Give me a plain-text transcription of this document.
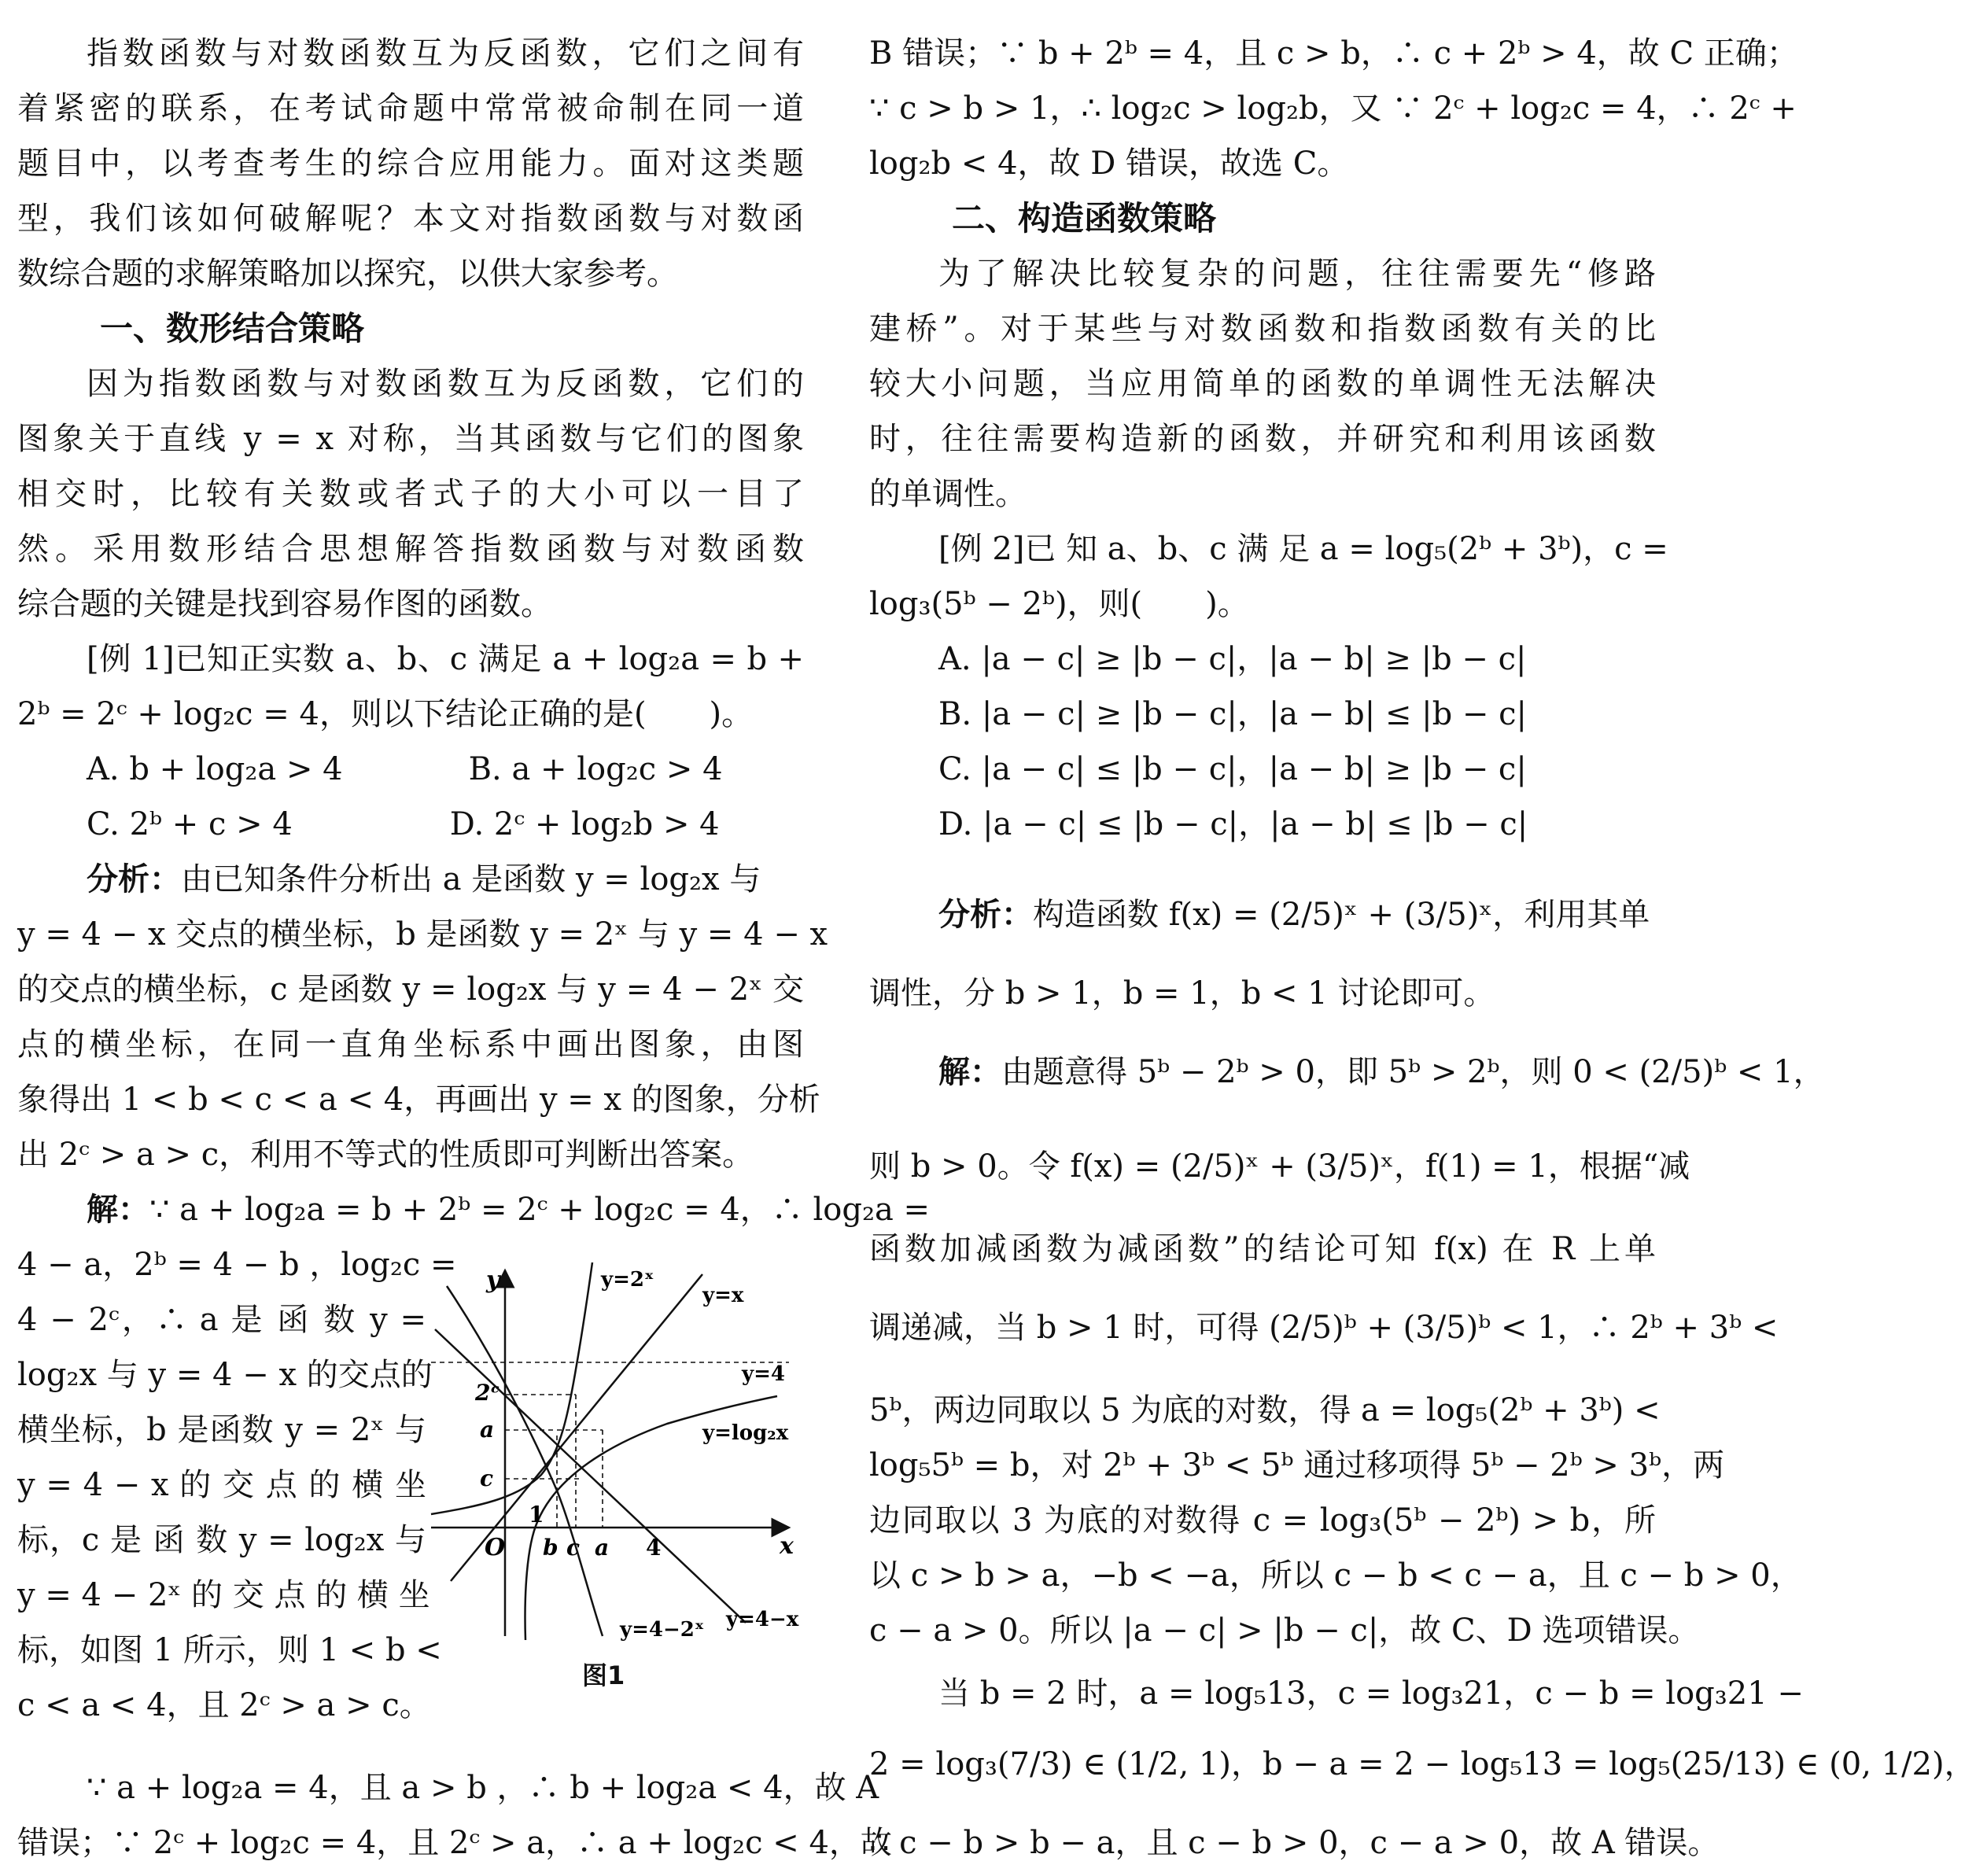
指数函数与对数函数互为反函数，它们之间有
着紧密的联系，在考试命题中常常被命制在同一道
题目中，以考查考生的综合应用能力。面对这类题
型，我们该如何破解呢？本文对指数函数与对数函
数综合题的求解策略加以探究，以供大家参考。
一、数形结合策略
因为指数函数与对数函数互为反函数，它们的
图象关于直线 y = x 对称，当其函数与它们的图象
相交时，比较有关数或者式子的大小可以一目了
然。采用数形结合思想解答指数函数与对数函数
综合题的关键是找到容易作图的函数。
[例 1]已知正实数 a、b、c 满足 a + log₂a = b +
2ᵇ = 2ᶜ + log₂c = 4，则以下结论正确的是(　　)。
A. b + log₂a > 4　　　　B. a + log₂c > 4
C. 2ᵇ + c > 4　　　　　D. 2ᶜ + log₂b > 4
分析：由已知条件分析出 a 是函数 y = log₂x 与
y = 4 − x 交点的横坐标，b 是函数 y = 2ˣ 与 y = 4 − x
的交点的横坐标，c 是函数 y = log₂x 与 y = 4 − 2ˣ 交
点的横坐标，在同一直角坐标系中画出图象，由图
象得出 1 < b < c < a < 4，再画出 y = x 的图象，分析
出 2ᶜ > a > c，利用不等式的性质即可判断出答案。
解：∵ a + log₂a = b + 2ᵇ = 2ᶜ + log₂c = 4，∴ log₂a =
4 − a，2ᵇ = 4 − b ，log₂c =
4 − 2ᶜ，∴ a 是 函 数 y =
log₂x 与 y = 4 − x 的交点的
横坐标，b 是函数 y = 2ˣ 与
y = 4 − x 的 交 点 的 横 坐
标，c 是 函 数 y = log₂x 与
y = 4 − 2ˣ 的 交 点 的 横 坐
标，如图 1 所示，则 1 < b <
c < a < 4，且 2ᶜ > a > c。
∵ a + log₂a = 4，且 a > b ，∴ b + log₂a < 4，故 A
错误；∵ 2ᶜ + log₂c = 4，且 2ᶜ > a，∴ a + log₂c < 4，故
y
x
O
y=2ˣ
y=x
y=4
y=log₂x
y=4−2ˣ y=4−x
2ᶜ
a
c
1
b c a 4
图1
B 错误；∵ b + 2ᵇ = 4，且 c > b，∴ c + 2ᵇ > 4，故 C 正确；
∵ c > b > 1，∴ log₂c > log₂b，又 ∵ 2ᶜ + log₂c = 4，∴ 2ᶜ +
log₂b < 4，故 D 错误，故选 C。
二、构造函数策略
为了解决比较复杂的问题，往往需要先“修路
建桥”。对于某些与对数函数和指数函数有关的比
较大小问题，当应用简单的函数的单调性无法解决
时，往往需要构造新的函数，并研究和利用该函数
的单调性。
[例 2]已 知 a、b、c 满 足 a = log₅(2ᵇ + 3ᵇ)，c =
log₃(5ᵇ − 2ᵇ)，则(　　)。
A. |a − c| ≥ |b − c|，|a − b| ≥ |b − c|
B. |a − c| ≥ |b − c|，|a − b| ≤ |b − c|
C. |a − c| ≤ |b − c|，|a − b| ≥ |b − c|
D. |a − c| ≤ |b − c|，|a − b| ≤ |b − c|
分析：构造函数 f(x) = (2/5)ˣ + (3/5)ˣ，利用其单
调性，分 b > 1，b = 1，b < 1 讨论即可。
解：由题意得 5ᵇ − 2ᵇ > 0，即 5ᵇ > 2ᵇ，则 0 < (2/5)ᵇ < 1，
则 b > 0。令 f(x) = (2/5)ˣ + (3/5)ˣ，f(1) = 1，根据“减
函数加减函数为减函数”的结论可知 f(x) 在 R 上单
调递减，当 b > 1 时，可得 (2/5)ᵇ + (3/5)ᵇ < 1，∴ 2ᵇ + 3ᵇ <
5ᵇ，两边同取以 5 为底的对数，得 a = log₅(2ᵇ + 3ᵇ) <
log₅5ᵇ = b，对 2ᵇ + 3ᵇ < 5ᵇ 通过移项得 5ᵇ − 2ᵇ > 3ᵇ，两
边同取以 3 为底的对数得 c = log₃(5ᵇ − 2ᵇ) > b，所
以 c > b > a，−b < −a，所以 c − b < c − a，且 c − b > 0，
c − a > 0。所以 |a − c| > |b − c|，故 C、D 选项错误。
当 b = 2 时，a = log₅13，c = log₃21，c − b = log₃21 −
2 = log₃(7/3) ∈ (1/2, 1)，b − a = 2 − log₅13 = log₅(25/13) ∈ (0, 1/2)，
∴ c − b > b − a，且 c − b > 0，c − a > 0，故 A 错误。
